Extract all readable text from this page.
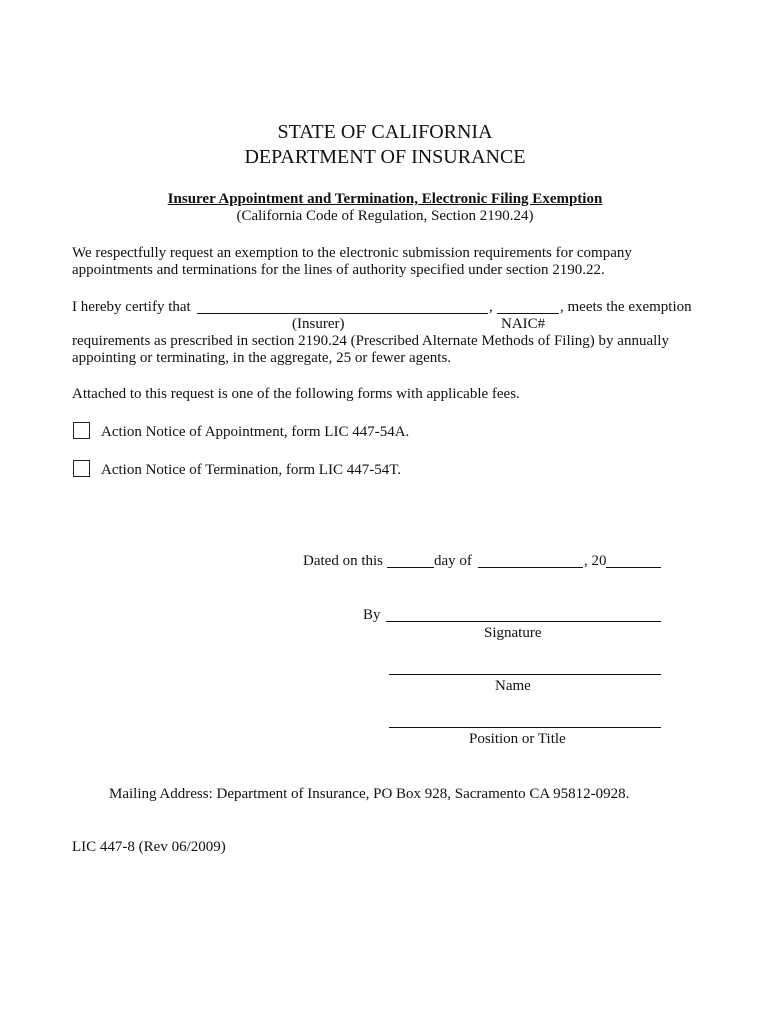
STATE OF CALIFORNIA
DEPARTMENT OF INSURANCE
Insurer Appointment and Termination, Electronic Filing Exemption
(California Code of Regulation, Section 2190.24)
We respectfully request an exemption to the electronic submission requirements for company
appointments and terminations for the lines of authority specified under section 2190.22.
I hereby certify that	,	, meets the exemption
(Insurer)	NAIC#
requirements as prescribed in section 2190.24 (Prescribed Alternate Methods of Filing) by annually
appointing or terminating, in the aggregate, 25 or fewer agents.
Attached to this request is one of the following forms with applicable fees.
Action Notice of Appointment, form LIC 447-54A.
Action Notice of Termination, form LIC 447-54T.
Dated on this	day of	, 20
By
Signature
Name
Position or Title
Mailing Address: Department of Insurance, PO Box 928, Sacramento CA 95812-0928.
LIC 447-8 (Rev 06/2009)
